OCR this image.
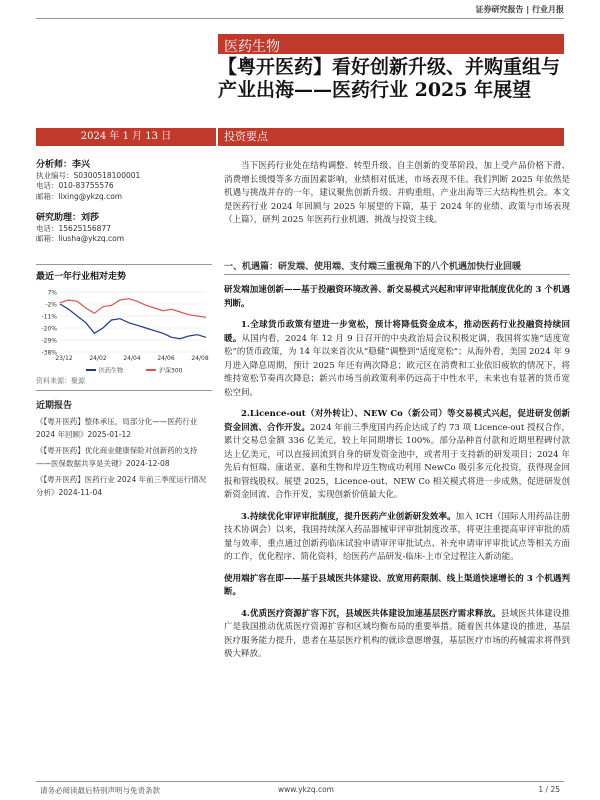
证券研究报告 | 行业月报
医药生物
【粤开医药】看好创新升级、并购重组与产业出海——医药行业 2025 年展望
2024 年 1 月 13 日	投资要点
分析师：李兴
执业编号：S0300518100001
电话：010-83755576
邮箱：lixing@ykzq.com
研究助理：刘莎
电话：15625156877
邮箱：liusha@ykzq.com
最近一年行业相对走势
7%
-2%
-11%
-20%
-29%
-38%
23/12	24/02	24/04	24/06	24/08
医药生物	沪深300
资料来源：聚源
近期报告
《【粤开医药】整体承压，局部分化——医药行业 2024 年回顾》2025-01-12
《【粤开医药】优化商业健康保险对创新药的支持——医保数据共享是关键》2024-12-08
《【粤开医药】医药行业 2024 年前三季度运行情况分析》2024-11-04

当下医药行业处在结构调整、转型升级、自主创新的变革阶段，加上受产品价格下滑、消费增长缓慢等多方面因素影响，业绩相对低迷，市场表现不佳。我们判断 2025 年依然是机遇与挑战并存的一年，建议聚焦创新升级、并购重组、产业出海等三大结构性机会。本文是医药行业 2024 年回顾与 2025 年展望的下篇，基于 2024 年的业绩、政策与市场表现（上篇），研判 2025 年医药行业机遇、挑战与投资主线。

一、机遇篇：研发端、使用端、支付端三重视角下的八个机遇加快行业回暖
研发端加速创新——基于投融资环境改善、新交易模式兴起和审评审批制度优化的 3 个机遇判断。

1.全球货币政策有望进一步宽松，预计将降低资金成本，推动医药行业投融资持续回暖。从国内看，2024 年 12 月 9 日召开的中央政治局会议积极定调，我国将实施“适度宽松”的货币政策，为 14 年以来首次从“稳健”调整到“适度宽松”；从海外看，美国 2024 年 9 月进入降息周期，预计 2025 年还有两次降息；欧元区在消费和工业依旧疲软的情况下，将维持宽松节奏再次降息；新兴市场当前政策利率仍远高于中性水平，未来也有显著的货币宽松空间。

2.Licence-out（对外转让）、NEW Co（新公司）等交易模式兴起，促进研发创新资金回流、合作开发。2024 年前三季度国内药企达成了约 73 项 Licence-out 授权合作，累计交易总金额 336 亿美元，较上年同期增长 100%。部分品种首付款和近期里程碑付款达上亿美元，可以直接回流到自身的研发资金池中，或者用于支持新的研发项目；2024 年先后有恒瑞、康诺亚、嘉和生物和岸迈生物成功利用 NewCo 吸引多元化投资，获得现金回报和管线股权。展望 2025，Licence-out、NEW Co 相关模式将进一步成熟，促进研发创新资金回流、合作开发，实现创新价值最大化。

3.持续优化审评审批制度，提升医药产业创新研发效率。加入 ICH（国际人用药品注册技术协调会）以来，我国持续深入药品器械审评审批制度改革，将更注重提高审评审批的质量与效率，重点通过创新药临床试验申请审评审批试点、补充申请审评审批试点等相关方面的工作，优化程序、简化资料，给医药产品研发-临床-上市全过程注入新动能。

使用端扩容在即——基于县域医共体建设、放宽用药限制、线上渠道快速增长的 3 个机遇判断。

4.优质医疗资源扩容下沉，县域医共体建设加速基层医疗需求释放。县域医共体建设推广是我国推动优质医疗资源扩容和区域均衡布局的重要举措。随着医共体建设的推进，基层医疗服务能力提升，患者在基层医疗机构的就诊意愿增强，基层医疗市场的药械需求将得到极大释放。

请务必阅读最后特别声明与免责条款	www.ykzq.com	1 / 25
